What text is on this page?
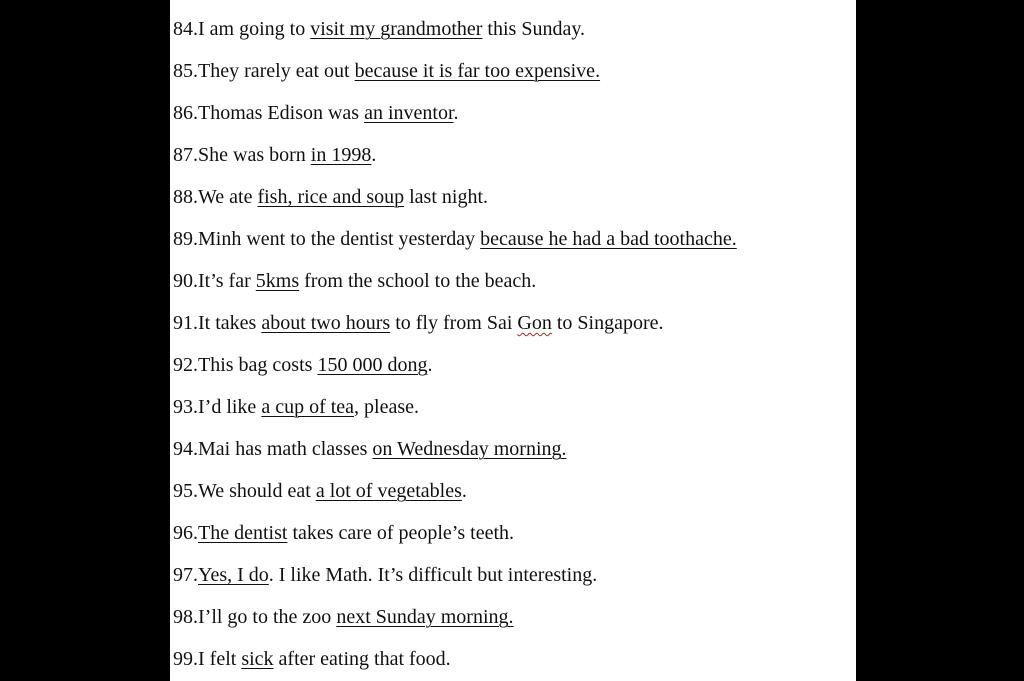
84.I am going to visit my grandmother this Sunday.
85.They rarely eat out because it is far too expensive.
86.Thomas Edison was an inventor.
87.She was born in 1998.
88.We ate fish, rice and soup last night.
89.Minh went to the dentist yesterday because he had a bad toothache.
90.It’s far 5kms from the school to the beach.
91.It takes about two hours to fly from Sai Gon to Singapore.
92.This bag costs 150 000 dong.
93.I’d like a cup of tea, please.
94.Mai has math classes on Wednesday morning.
95.We should eat a lot of vegetables.
96.The dentist takes care of people’s teeth.
97.Yes, I do. I like Math. It’s difficult but interesting.
98.I’ll go to the zoo next Sunday morning.
99.I felt sick after eating that food.
